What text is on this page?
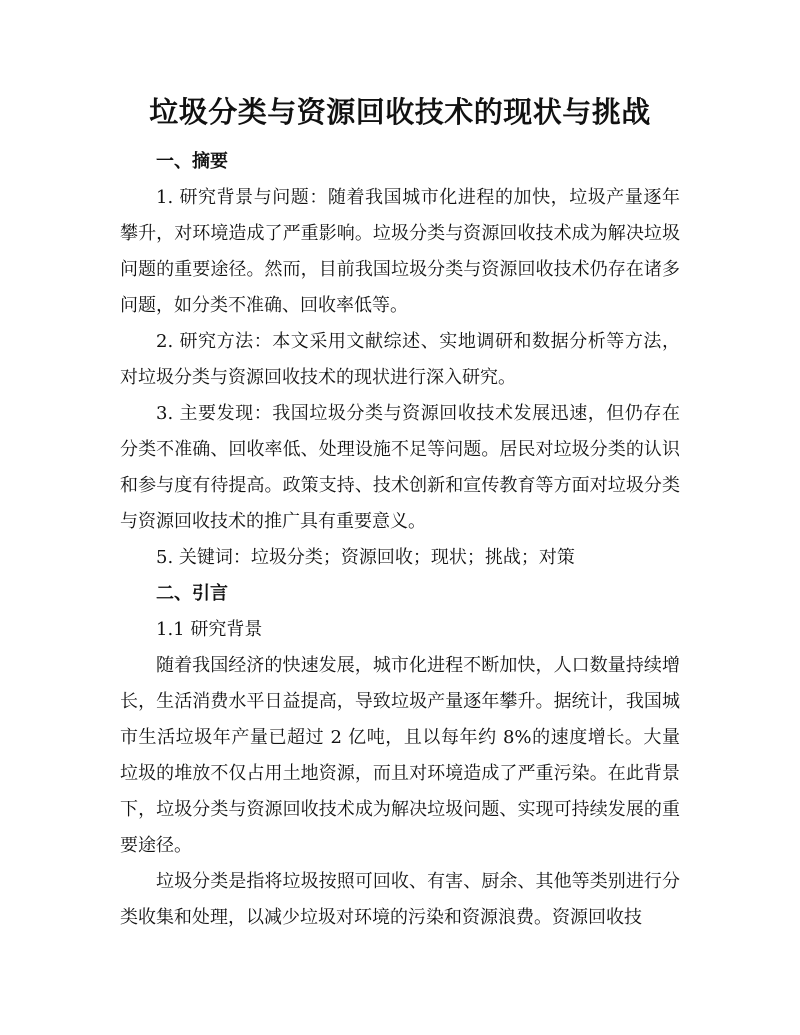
垃圾分类与资源回收技术的现状与挑战

一、摘要

1. 研究背景与问题：随着我国城市化进程的加快，垃圾产量逐年攀升，对环境造成了严重影响。垃圾分类与资源回收技术成为解决垃圾问题的重要途径。然而，目前我国垃圾分类与资源回收技术仍存在诸多问题，如分类不准确、回收率低等。

2. 研究方法：本文采用文献综述、实地调研和数据分析等方法，对垃圾分类与资源回收技术的现状进行深入研究。

3. 主要发现：我国垃圾分类与资源回收技术发展迅速，但仍存在分类不准确、回收率低、处理设施不足等问题。居民对垃圾分类的认识和参与度有待提高。政策支持、技术创新和宣传教育等方面对垃圾分类与资源回收技术的推广具有重要意义。

5. 关键词：垃圾分类；资源回收；现状；挑战；对策

二、引言

1.1 研究背景

随着我国经济的快速发展，城市化进程不断加快，人口数量持续增长，生活消费水平日益提高，导致垃圾产量逐年攀升。据统计，我国城市生活垃圾年产量已超过 2 亿吨，且以每年约 8%的速度增长。大量垃圾的堆放不仅占用土地资源，而且对环境造成了严重污染。在此背景下，垃圾分类与资源回收技术成为解决垃圾问题、实现可持续发展的重要途径。

垃圾分类是指将垃圾按照可回收、有害、厨余、其他等类别进行分类收集和处理，以减少垃圾对环境的污染和资源浪费。资源回收技
